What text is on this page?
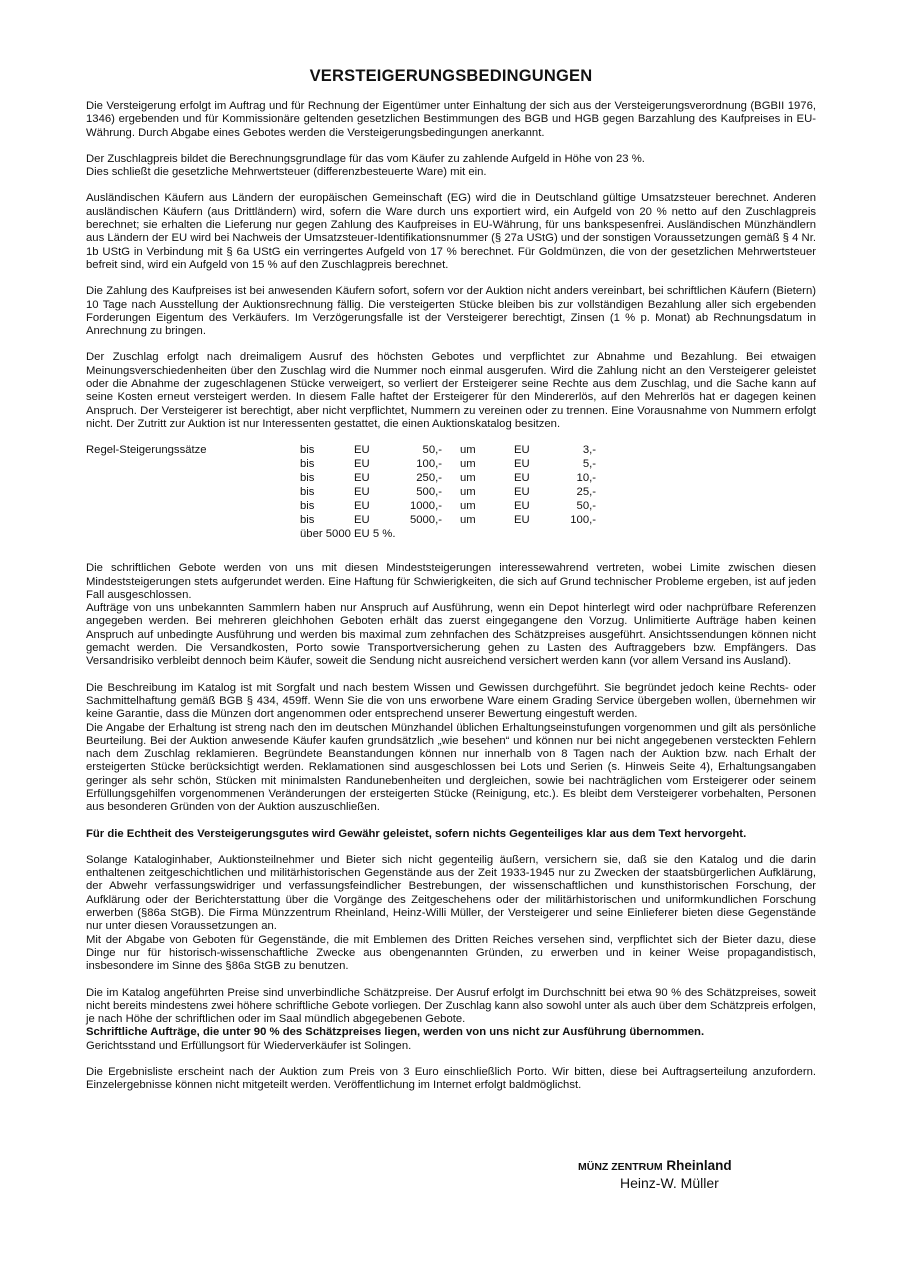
VERSTEIGERUNGSBEDINGUNGEN

Die Versteigerung erfolgt im Auftrag und für Rechnung der Eigentümer unter Einhaltung der sich aus der Versteigerungsverordnung (BGBII 1976, 1346) ergebenden und für Kommissionäre geltenden gesetzlichen Bestimmungen des BGB und HGB gegen Barzahlung des Kaufpreises in EU-Währung. Durch Abgabe eines Gebotes werden die Versteigerungsbedingungen anerkannt.

Der Zuschlagpreis bildet die Berechnungsgrundlage für das vom Käufer zu zahlende Aufgeld in Höhe von 23 %.

Dies schließt die gesetzliche Mehrwertsteuer (differenzbesteuerte Ware) mit ein.

Ausländischen Käufern aus Ländern der europäischen Gemeinschaft (EG) wird die in Deutschland gültige Umsatzsteuer berechnet. Anderen ausländischen Käufern (aus Drittländern) wird, sofern die Ware durch uns exportiert wird, ein Aufgeld von 20 % netto auf den Zuschlagpreis berechnet; sie erhalten die Lieferung nur gegen Zahlung des Kaufpreises in EU-Währung, für uns bankspesenfrei. Ausländischen Münzhändlern aus Ländern der EU wird bei Nachweis der Umsatzsteuer-Identifikationsnummer (§ 27a UStG) und der sonstigen Voraussetzungen gemäß § 4 Nr. 1b UStG in Verbindung mit § 6a UStG ein verringertes Aufgeld von 17 % berechnet. Für Goldmünzen, die von der gesetzlichen Mehrwertsteuer befreit sind, wird ein Aufgeld von 15 % auf den Zuschlagpreis berechnet.

Die Zahlung des Kaufpreises ist bei anwesenden Käufern sofort, sofern vor der Auktion nicht anders vereinbart, bei schriftlichen Käufern (Bietern) 10 Tage nach Ausstellung der Auktionsrechnung fällig. Die versteigerten Stücke bleiben bis zur vollständigen Bezahlung aller sich ergebenden Forderungen Eigentum des Verkäufers. Im Verzögerungsfalle ist der Versteigerer berechtigt, Zinsen (1 % p. Monat) ab Rechnungsdatum in Anrechnung zu bringen.

Der Zuschlag erfolgt nach dreimaligem Ausruf des höchsten Gebotes und verpflichtet zur Abnahme und Bezahlung. Bei etwaigen Meinungsverschiedenheiten über den Zuschlag wird die Nummer noch einmal ausgerufen. Wird die Zahlung nicht an den Versteigerer geleistet oder die Abnahme der zugeschlagenen Stücke verweigert, so verliert der Ersteigerer seine Rechte aus dem Zuschlag, und die Sache kann auf seine Kosten erneut versteigert werden. In diesem Falle haftet der Ersteigerer für den Mindererlös, auf den Mehrerlös hat er dagegen keinen Anspruch. Der Versteigerer ist berechtigt, aber nicht verpflichtet, Nummern zu vereinen oder zu trennen. Eine Vorausnahme von Nummern erfolgt nicht. Der Zutritt zur Auktion ist nur Interessenten gestattet, die einen Auktionskatalog besitzen.

Regel-Steigerungssätze	bis	EU	50,- um	EU	3,-
bis	EU	100,- um	EU	5,-
bis	EU	250,- um	EU	10,-
bis	EU	500,- um	EU	25,-
bis	EU	1000,- um	EU	50,-
bis	EU	5000,- um	EU	100,-
über 5000 EU 5 %.

Die schriftlichen Gebote werden von uns mit diesen Mindeststeigerungen interessewahrend vertreten, wobei Limite zwischen diesen Mindeststeigerungen stets aufgerundet werden. Eine Haftung für Schwierigkeiten, die sich auf Grund technischer Probleme ergeben, ist auf jeden Fall ausgeschlossen.

Aufträge von uns unbekannten Sammlern haben nur Anspruch auf Ausführung, wenn ein Depot hinterlegt wird oder nachprüfbare Referenzen angegeben werden. Bei mehreren gleichhohen Geboten erhält das zuerst eingegangene den Vorzug. Unlimitierte Aufträge haben keinen Anspruch auf unbedingte Ausführung und werden bis maximal zum zehnfachen des Schätzpreises ausgeführt. Ansichtssendungen können nicht gemacht werden. Die Versandkosten, Porto sowie Transportversicherung gehen zu Lasten des Auftraggebers bzw. Empfängers. Das Versandrisiko verbleibt dennoch beim Käufer, soweit die Sendung nicht ausreichend versichert werden kann (vor allem Versand ins Ausland).

Die Beschreibung im Katalog ist mit Sorgfalt und nach bestem Wissen und Gewissen durchgeführt. Sie begründet jedoch keine Rechts- oder Sachmittelhaftung gemäß BGB § 434, 459ff. Wenn Sie die von uns erworbene Ware einem Grading Service übergeben wollen, übernehmen wir keine Garantie, dass die Münzen dort angenommen oder entsprechend unserer Bewertung eingestuft werden.

Die Angabe der Erhaltung ist streng nach den im deutschen Münzhandel üblichen Erhaltungseinstufungen vorgenommen und gilt als persönliche Beurteilung. Bei der Auktion anwesende Käufer kaufen grundsätzlich „wie besehen“ und können nur bei nicht angegebenen versteckten Fehlern nach dem Zuschlag reklamieren. Begründete Beanstandungen können nur innerhalb von 8 Tagen nach der Auktion bzw. nach Erhalt der ersteigerten Stücke berücksichtigt werden. Reklamationen sind ausgeschlossen bei Lots und Serien (s. Hinweis Seite 4), Erhaltungsangaben geringer als sehr schön, Stücken mit minimalsten Randunebenheiten und dergleichen, sowie bei nachträglichen vom Ersteigerer oder seinem Erfüllungsgehilfen vorgenommenen Veränderungen der ersteigerten Stücke (Reinigung, etc.). Es bleibt dem Versteigerer vorbehalten, Personen aus besonderen Gründen von der Auktion auszuschließen.

Für die Echtheit des Versteigerungsgutes wird Gewähr geleistet, sofern nichts Gegenteiliges klar aus dem Text hervorgeht.

Solange Kataloginhaber, Auktionsteilnehmer und Bieter sich nicht gegenteilig äußern, versichern sie, daß sie den Katalog und die darin enthaltenen zeitgeschichtlichen und militärhistorischen Gegenstände aus der Zeit 1933-1945 nur zu Zwecken der staatsbürgerlichen Aufklärung, der Abwehr verfassungswidriger und verfassungsfeindlicher Bestrebungen, der wissenschaftlichen und kunsthistorischen Forschung, der Aufklärung oder der Berichterstattung über die Vorgänge des Zeitgeschehens oder der militärhistorischen und uniformkundlichen Forschung erwerben (§86a StGB). Die Firma Münzzentrum Rheinland, Heinz-Willi Müller, der Versteigerer und seine Einlieferer bieten diese Gegenstände nur unter diesen Voraussetzungen an.

Mit der Abgabe von Geboten für Gegenstände, die mit Emblemen des Dritten Reiches versehen sind, verpflichtet sich der Bieter dazu, diese Dinge nur für historisch-wissenschaftliche Zwecke aus obengenannten Gründen, zu erwerben und in keiner Weise propagandistisch, insbesondere im Sinne des §86a StGB zu benutzen.

Die im Katalog angeführten Preise sind unverbindliche Schätzpreise. Der Ausruf erfolgt im Durchschnitt bei etwa 90 % des Schätzpreises, soweit nicht bereits mindestens zwei höhere schriftliche Gebote vorliegen. Der Zuschlag kann also sowohl unter als auch über dem Schätzpreis erfolgen, je nach Höhe der schriftlichen oder im Saal mündlich abgegebenen Gebote.

Schriftliche Aufträge, die unter 90 % des Schätzpreises liegen, werden von uns nicht zur Ausführung übernommen.

Gerichtsstand und Erfüllungsort für Wiederverkäufer ist Solingen.

Die Ergebnisliste erscheint nach der Auktion zum Preis von 3 Euro einschließlich Porto. Wir bitten, diese bei Auftragserteilung anzufordern. Einzelergebnisse können nicht mitgeteilt werden. Veröffentlichung im Internet erfolgt baldmöglichst.

MÜNZ ZENTRUM Rheinland
Heinz-W. Müller
